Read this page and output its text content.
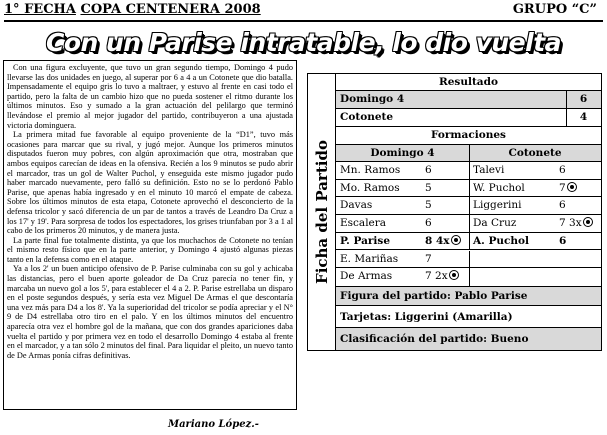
1° FECHA COPA CENTENERA 2008	GRUPO “C”
Con un Parise intratable, lo dio vuelta

Con una figura excluyente, que tuvo un gran segundo tiempo, Domingo 4 pudo llevarse las dos unidades en juego, al superar por 6 a 4 a un Cotonete que dio batalla. Impensadamente el equipo gris lo tuvo a maltraer, y estuvo al frente en casi todo el partido, pero la falta de un cambio hizo que no pueda sostener el ritmo durante los últimos minutos. Eso y sumado a la gran actuación del pelilargo que terminó llevándose el premio al mejor jugador del partido, contribuyeron a una ajustada victoria dominguera.

La primera mitad fue favorable al equipo proveniente de la “D1”, tuvo más ocasiones para marcar que su rival, y jugó mejor. Aunque los primeros minutos disputados fueron muy pobres, con algún aproximación que otra, mostraban que ambos equipos carecían de ideas en la ofensiva. Recién a los 9 minutos se pudo abrir el marcador, tras un gol de Walter Puchol, y enseguida este mismo jugador pudo haber marcado nuevamente, pero falló su definición. Esto no se lo perdonó Pablo Parise, que apenas había ingresado y en el minuto 10 marcó el empate de cabeza. Sobre los últimos minutos de esta etapa, Cotonete aprovechó el desconcierto de la defensa tricolor y sacó diferencia de un par de tantos a través de Leandro Da Cruz a los 17' y 19'. Para sorpresa de todos los espectadores, los grises triunfaban por 3 a 1 al cabo de los primeros 20 minutos, y de manera justa.

La parte final fue totalmente distinta, ya que los muchachos de Cotonete no tenían el mismo resto físico que en la parte anterior, y Domingo 4 ajustó algunas piezas tanto en la defensa como en el ataque.

Ya a los 2' un buen anticipo ofensivo de P. Parise culminaba con su gol y achicaba las distancias, pero el buen aporte goleador de Da Cruz parecía no tener fin, y marcaba un nuevo gol a los 5', para establecer el 4 a 2. P. Parise estrellaba un disparo en el poste segundos después, y sería esta vez Miguel De Armas el que descontaría una vez más para D4 a los 8'. Ya la superioridad del tricolor se podía apreciar y el N° 9 de D4 estrellaba otro tiro en el palo. Y en los últimos minutos del encuentro aparecía otra vez el hombre gol de la mañana, que con dos grandes apariciones daba vuelta el partido y por primera vez en todo el desarrollo Domingo 4 estaba al frente en el marcador, y a tan sólo 2 minutos del final. Para liquidar el pleito, un nuevo tanto de De Armas ponía cifras definitivas.

Mariano López.-
Ficha del Partido
Resultado
Domingo 4	6
Cotonete	4
Formaciones
Domingo 4	Cotonete
Mn. Ramos	6	Talevi	6
Mo. Ramos	5	W. Puchol	7
Davas	5	Liggerini	6
Escalera	6	Da Cruz	7 3x
P. Parise	8 4x	A. Puchol	6
E. Mariñas	7
De Armas	7 2x
Figura del partido: Pablo Parise
Tarjetas: Liggerini (Amarilla)
Clasificación del partido: Bueno
